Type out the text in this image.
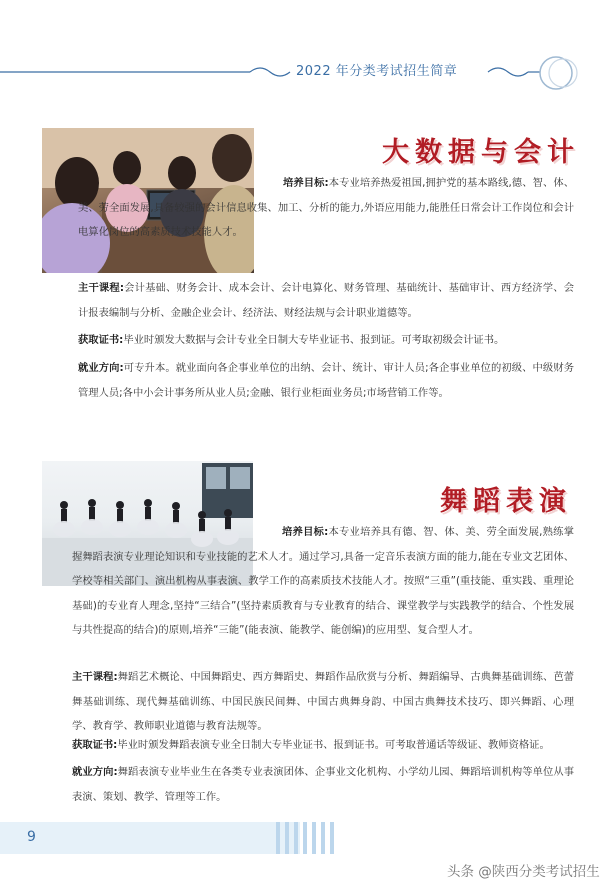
2022 年分类考试招生简章
大数据与会计
培养目标:本专业培养热爱祖国,拥护党的基本路线,德、智、体、美、劳全面发展,具备较强的会计信息收集、加工、分析的能力,外语应用能力,能胜任日常会计工作岗位和会计电算化岗位的高素质技术技能人才。
主干课程:会计基础、财务会计、成本会计、会计电算化、财务管理、基础统计、基础审计、西方经济学、会计报表编制与分析、金融企业会计、经济法、财经法规与会计职业道德等。
获取证书:毕业时颁发大数据与会计专业全日制大专毕业证书、报到证。可考取初级会计证书。
就业方向:可专升本。就业面向各企事业单位的出纳、会计、统计、审计人员;各企事业单位的初级、中级财务管理人员;各中小会计事务所从业人员;金融、银行业柜面业务员;市场营销工作等。
舞蹈表演
培养目标:本专业培养具有德、智、体、美、劳全面发展,熟练掌握舞蹈表演专业理论知识和专业技能的艺术人才。通过学习,具备一定音乐表演方面的能力,能在专业文艺团体、学校等相关部门、演出机构从事表演、教学工作的高素质技术技能人才。按照“三重”(重技能、重实践、重理论基础)的专业育人理念,坚持“三结合”(坚持素质教育与专业教育的结合、课堂教学与实践教学的结合、个性发展与共性提高的结合)的原则,培养“三能”(能表演、能教学、能创编)的应用型、复合型人才。
主干课程:舞蹈艺术概论、中国舞蹈史、西方舞蹈史、舞蹈作品欣赏与分析、舞蹈编导、古典舞基础训练、芭蕾舞基础训练、现代舞基础训练、中国民族民间舞、中国古典舞身韵、中国古典舞技术技巧、即兴舞蹈、心理学、教育学、教师职业道德与教育法规等。
获取证书:毕业时颁发舞蹈表演专业全日制大专毕业证书、报到证书。可考取普通话等级证、教师资格证。
就业方向:舞蹈表演专业毕业生在各类专业表演团体、企事业文化机构、小学幼儿园、舞蹈培训机构等单位从事表演、策划、教学、管理等工作。
9
头条 @陕西分类考试招生
